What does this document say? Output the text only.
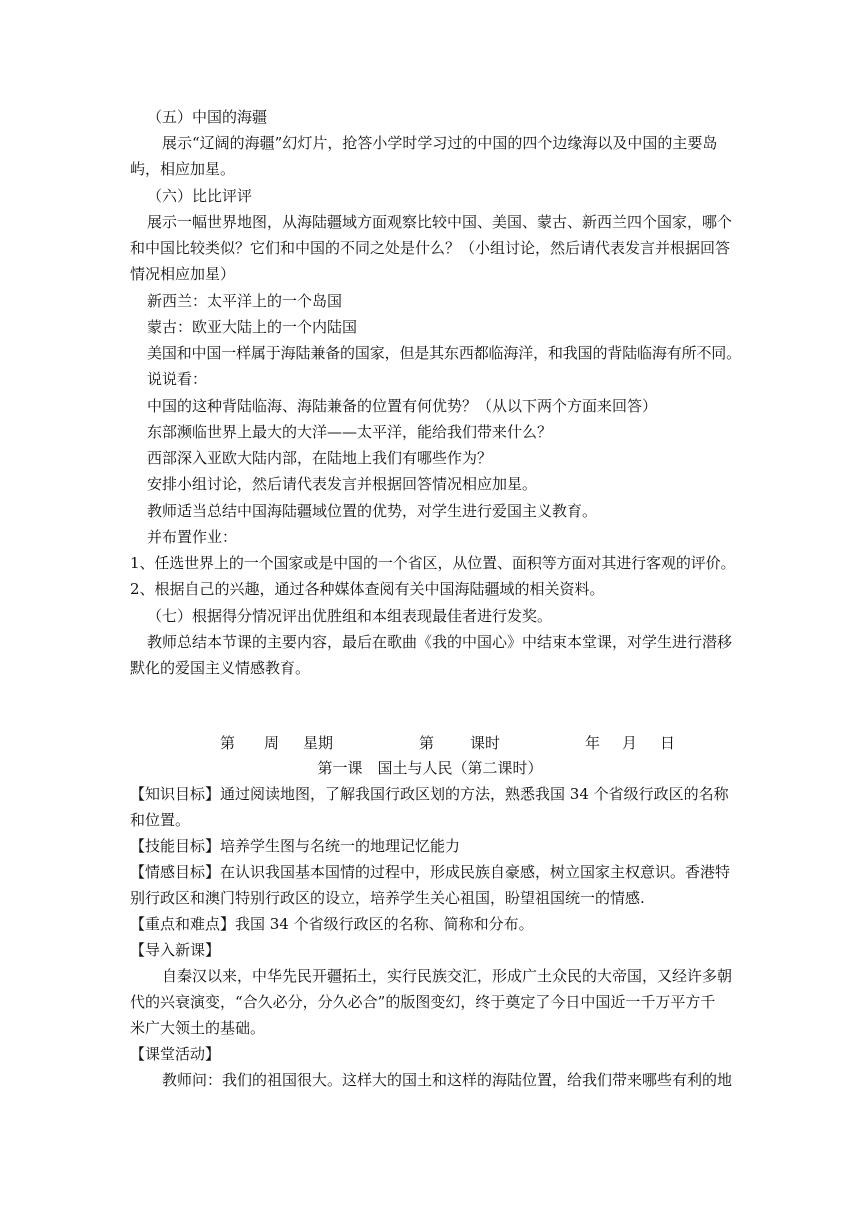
（五）中国的海疆
展示“辽阔的海疆”幻灯片，抢答小学时学习过的中国的四个边缘海以及中国的主要岛
屿，相应加星。
（六）比比评评
展示一幅世界地图，从海陆疆域方面观察比较中国、美国、蒙古、新西兰四个国家，哪个
和中国比较类似？它们和中国的不同之处是什么？（小组讨论，然后请代表发言并根据回答
情况相应加星）
新西兰：太平洋上的一个岛国
蒙古：欧亚大陆上的一个内陆国
美国和中国一样属于海陆兼备的国家，但是其东西都临海洋，和我国的背陆临海有所不同。
说说看：
中国的这种背陆临海、海陆兼备的位置有何优势？（从以下两个方面来回答）
东部濒临世界上最大的大洋——太平洋，能给我们带来什么？
西部深入亚欧大陆内部，在陆地上我们有哪些作为？
安排小组讨论，然后请代表发言并根据回答情况相应加星。
教师适当总结中国海陆疆域位置的优势，对学生进行爱国主义教育。
并布置作业：
1、任选世界上的一个国家或是中国的一个省区，从位置、面积等方面对其进行客观的评价。
2、根据自己的兴趣，通过各种媒体查阅有关中国海陆疆域的相关资料。
（七）根据得分情况评出优胜组和本组表现最佳者进行发奖。
教师总结本节课的主要内容，最后在歌曲《我的中国心》中结束本堂课，对学生进行潜移
默化的爱国主义情感教育。
第 周 星期	第 课时	年 月 日
第一课　国土与人民（第二课时）
【知识目标】通过阅读地图，了解我国行政区划的方法，熟悉我国 34 个省级行政区的名称
和位置。
【技能目标】培养学生图与名统一的地理记忆能力
【情感目标】在认识我国基本国情的过程中，形成民族自豪感，树立国家主权意识。香港特
别行政区和澳门特别行政区的设立，培养学生关心祖国，盼望祖国统一的情感.
【重点和难点】我国 34 个省级行政区的名称、简称和分布。
【导入新课】
自秦汉以来，中华先民开疆拓土，实行民族交汇，形成广土众民的大帝国，又经许多朝
代的兴衰演变，“合久必分，分久必合”的版图变幻，终于奠定了今日中国近一千万平方千
米广大领土的基础。
【课堂活动】
教师问：我们的祖国很大。这样大的国土和这样的海陆位置，给我们带来哪些有利的地
